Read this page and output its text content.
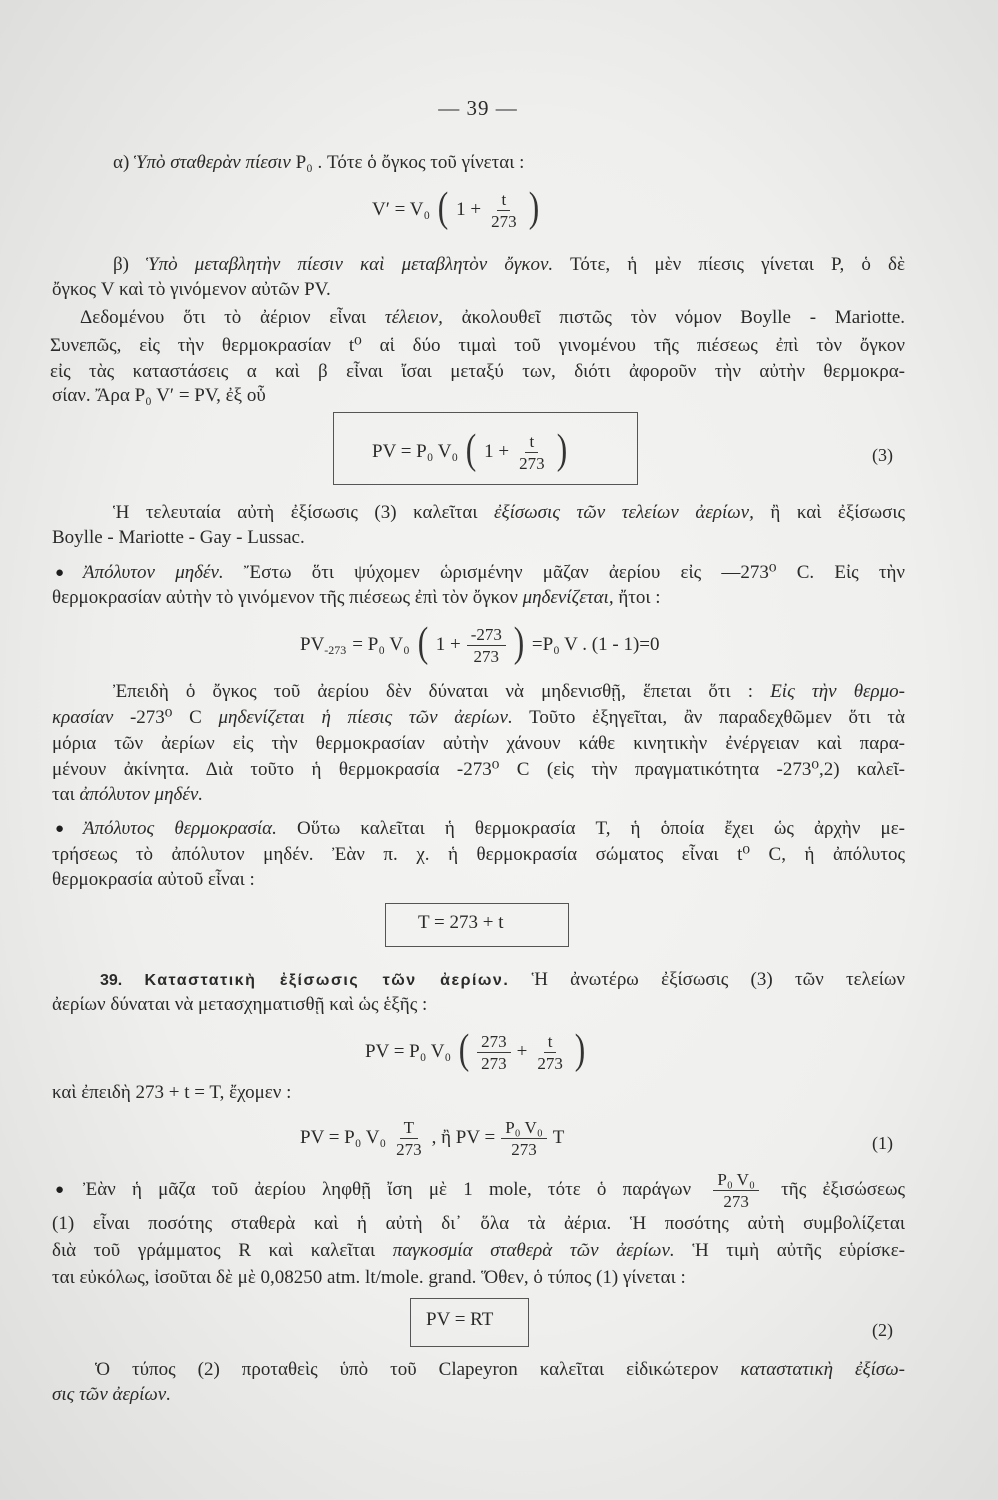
— 39 —
α) Ὑπὸ σταθερὰν πίεσιν P₀ . Τότε ὁ ὄγκος τοῦ γίνεται :
V′ = V₀ ( $1 + \frac{t}{273}$ )
β) Ὑπὸ μεταβλητὴν πίεσιν καὶ μεταβλητὸν ὄγκον. Τότε, ἡ μὲν πίεσις γίνεται P, ὁ δὲ
ὄγκος V καὶ τὸ γινόμενον αὐτῶν PV.
Δεδομένου ὅτι τὸ ἀέριον εἶναι τέλειον, ἀκολουθεῖ πιστῶς τὸν νόμον Boylle - Mariotte.
Συνεπῶς, εἰς τὴν θερμοκρασίαν t⁰ αἱ δύο τιμαὶ τοῦ γινομένου τῆς πιέσεως ἐπὶ τὸν ὄγκον
εἰς τὰς καταστάσεις α καὶ β εἶναι ἴσαι μεταξύ των, διότι ἀφοροῦν τὴν αὐτὴν θερμοκρα-
σίαν. Ἄρα P₀ V′ = PV, ἐξ οὗ
PV = P₀ V₀ ( $1 + \frac{t}{273}$ )	(3)
Ἡ τελευταία αὐτὴ ἐξίσωσις (3) καλεῖται ἐξίσωσις τῶν τελείων ἀερίων, ἢ καὶ ἐξίσωσις
Boylle - Mariotte - Gay - Lussac.
● Ἀπόλυτον μηδέν. Ἔστω ὅτι ψύχομεν ὡρισμένην μᾶζαν ἀερίου εἰς —273⁰ C. Εἰς τὴν
θερμοκρασίαν αὐτὴν τὸ γινόμενον τῆς πιέσεως ἐπὶ τὸν ὄγκον μηδενίζεται, ἤτοι :
$PV_{-273} = P_0$ V₀ ( $1 + \frac{-273}{273}$ ) =P₀ V . (1 - 1)=0
Ἐπειδὴ ὁ ὄγκος τοῦ ἀερίου δὲν δύναται νὰ μηδενισθῇ, ἕπεται ὅτι : Εἰς τὴν θερμο-
κρασίαν -273⁰ C μηδενίζεται ἡ πίεσις τῶν ἀερίων. Τοῦτο ἐξηγεῖται, ἂν παραδεχθῶμεν ὅτι τὰ
μόρια τῶν ἀερίων εἰς τὴν θερμοκρασίαν αὐτὴν χάνουν κάθε κινητικὴν ἐνέργειαν καὶ παρα-
μένουν ἀκίνητα. Διὰ τοῦτο ἡ θερμοκρασία -273⁰ C (εἰς τὴν πραγματικότητα -273⁰,2) καλεῖ-
ται ἀπόλυτον μηδέν.
● Ἀπόλυτος θερμοκρασία. Οὕτω καλεῖται ἡ θερμοκρασία T, ἡ ὁποία ἔχει ὡς ἀρχὴν με-
τρήσεως τὸ ἀπόλυτον μηδέν. Ἐὰν π. χ. ἡ θερμοκρασία σώματος εἶναι t⁰ C, ἡ ἀπόλυτος
θερμοκρασία αὐτοῦ εἶναι :
T = 273 + t
39. Καταστατικὴ ἐξίσωσις τῶν ἀερίων. Ἡ ἀνωτέρω ἐξίσωσις (3) τῶν τελείων
ἀερίων δύναται νὰ μετασχηματισθῇ καὶ ὡς ἑξῆς :
PV = P₀ V₀ ( $\frac{273}{273} + \frac{t}{273}$ )
καὶ ἐπειδὴ 273 + t = T, ἔχομεν :
PV = P₀ $V_0 \frac{T}{273}$ , ἢ PV = $\frac{\text{P₀ V₀}}{273}$ T	(1)
● Ἐὰν ἡ μᾶζα τοῦ ἀερίου ληφθῇ ἴση μὲ 1 mole, τότε ὁ παράγων $\frac{\text{P₀ V₀}}{273}$ τῆς ἐξισώσεως
(1) εἶναι ποσότης σταθερὰ καὶ ἡ αὐτὴ δι᾿ ὅλα τὰ ἀέρια. Ἡ ποσότης αὐτὴ συμβολίζεται
διὰ τοῦ γράμματος R καὶ καλεῖται παγκοσμία σταθερὰ τῶν ἀερίων. Ἡ τιμὴ αὐτῆς εὑρίσκε-
ται εὐκόλως, ἰσοῦται δὲ μὲ 0,08250 atm. lt/mole. grand. Ὅθεν, ὁ τύπος (1) γίνεται :
PV = RT	(2)
Ὁ τύπος (2) προταθεὶς ὑπὸ τοῦ Clapeyron καλεῖται εἰδικώτερον καταστατικὴ ἐξίσω-
σις τῶν ἀερίων.
